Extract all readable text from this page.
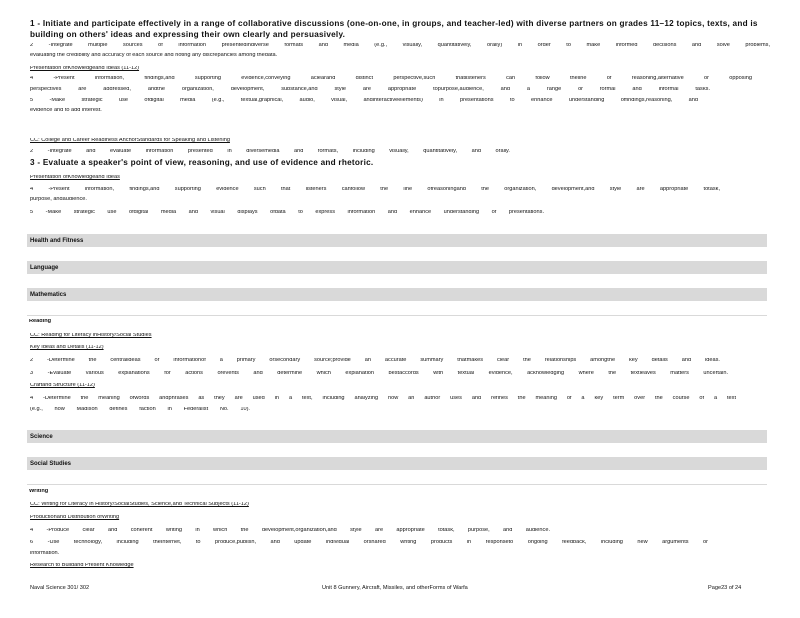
1 - Initiate and participate effectively in a range of collaborative discussions (one-on-one, in groups, and teacher-led) with diverse partners on grades 11–12 topics, texts, and is
building on others' ideas and expressing their own clearly and persuasively.
2 -Integrate multiple sources of information presentedindiverse formats and media (e.g., visually, quantitatively, orally) in order to make informed decisions and solve problems,
evaluating the credibility and accuracy of each source and noting any discrepancies among thedata.
Presentation ofKnowledgeand Ideas (11-12)
4 -Present information, findings,and supporting evidence,conveying aclearand distinct perspective,such thatlisteners can follow theline of reasoning,alternative or opposing
perspectives are addressed, andthe organization, development, substance,and style are appropriate topurpose,audience, and a range or formal and informal tasks.
5 -Make strategic use ofdigital media (e.g., textual,graphical, audio, visual, andinteractiveelements) in presentations to enhance understanding offindings,reasoning, and
evidence and to add interest.
CC: College and Career Readiness AnchorStandards for Speaking and Listening
2 -Integrate and evaluate information presented in diversemedia and formats, including visually, quantitatively, and orally.
3 - Evaluate a speaker's point of view, reasoning, and use of evidence and rhetoric.
Presentation ofKnowledgeand Ideas
4 -Present information, findings,and supporting evidence such that listeners canfollow the line ofreasoningand the organization, development,and style are appropriate totask,
purpose, andaudience.
5 -Make strategic use ofdigital media and visual displays ofdata to express information and enhance understanding of presentations.
Health and Fitness
Language
Mathematics
Reading
CC: Reading for Literacy inHistory/Social Studies
Key Ideas and Details (11-12)
2 -Determine the centralideas or informationof a primary orsecondary source;provide an accurate summary thatmakes clear the relationships amongthe key details and ideas.
3 -Evaluate various explanations for actions orevents and determine which explanation bestaccords with textual evidence, acknowledging where the textleaves matters uncertain.
Craftand Structure (11-12)
4 -Determine the meaning ofwords andphrases as they are used in a text, including analyzing how an author uses and refines the meaning of a key term over the course of a text
(e.g., how Madison defines faction in Federalist No. 10).
Science
Social Studies
Writing
CC: Writing for Literacy in History/SocialStudies, Science,and Technical Subjects (11-12)
Productionand Distribution ofWriting
4 -Produce clear and coherent writing in which the development,organization,and style are appropriate totask, purpose, and audience.
6 -Use technology, including theInternet, to produce,publish, and update individual orshared writing products in responseto ongoing feedback, including new arguments or
information.
Research to Buildand Present Knowledge
Naval Science 301/ 302	Unit 8 Gunnery, Aircraft, Missiles, and otherForms of Warfa	Page23 of 24
